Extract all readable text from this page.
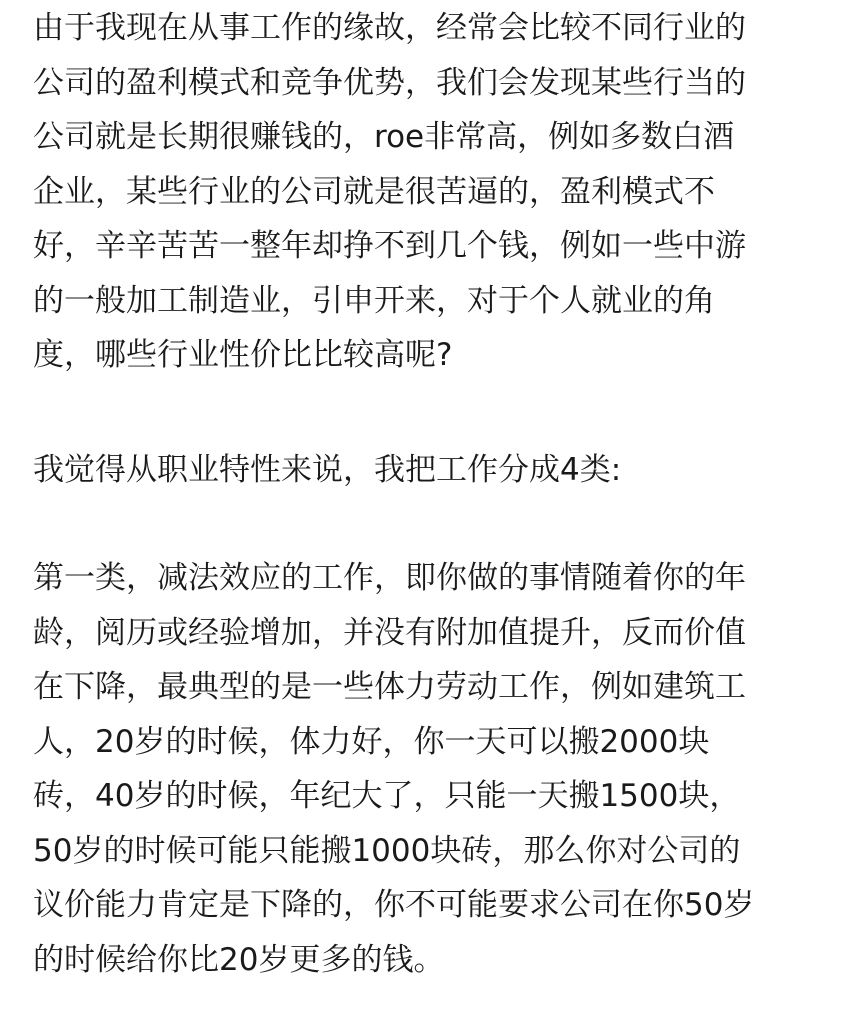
由于我现在从事工作的缘故，经常会比较不同行业的
公司的盈利模式和竞争优势，我们会发现某些行当的
公司就是长期很赚钱的，roe非常高，例如多数白酒
企业，某些行业的公司就是很苦逼的，盈利模式不
好，辛辛苦苦一整年却挣不到几个钱，例如一些中游
的一般加工制造业，引申开来，对于个人就业的角
度，哪些行业性价比比较高呢?
我觉得从职业特性来说，我把工作分成4类:
第一类，减法效应的工作，即你做的事情随着你的年
龄，阅历或经验增加，并没有附加值提升，反而价值
在下降，最典型的是一些体力劳动工作，例如建筑工
人，20岁的时候，体力好，你一天可以搬2000块
砖，40岁的时候，年纪大了，只能一天搬1500块，
50岁的时候可能只能搬1000块砖，那么你对公司的
议价能力肯定是下降的，你不可能要求公司在你50岁
的时候给你比20岁更多的钱。
